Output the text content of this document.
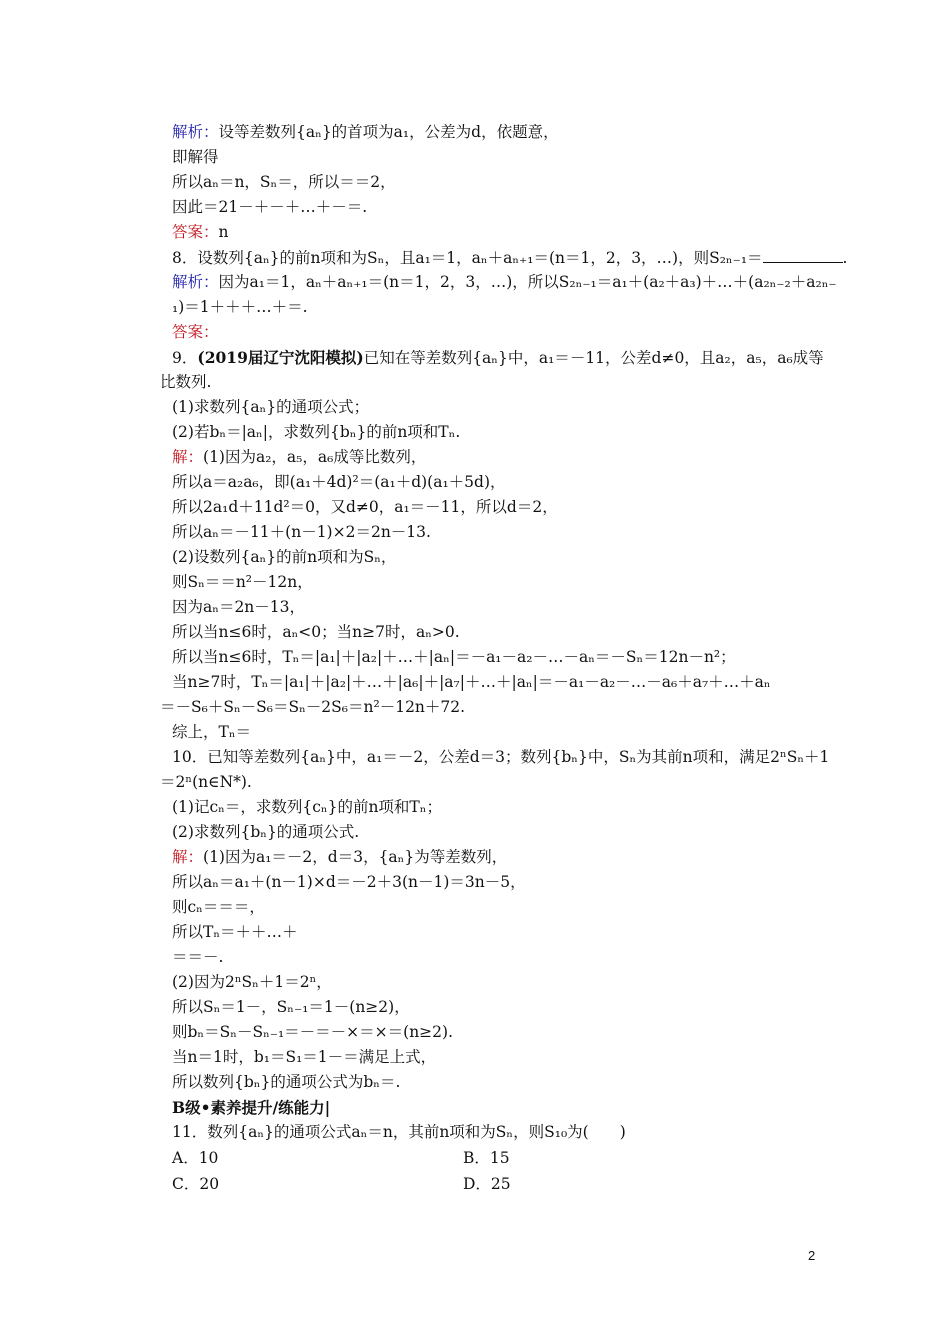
解析：设等差数列{aₙ}的首项为a₁，公差为d，依题意，
即解得
所以aₙ＝n，Sₙ＝，所以＝＝2，
因此＝21－＋－＋…＋－＝.
答案：n
8．设数列{aₙ}的前n项和为Sₙ，且a₁＝1，aₙ＋aₙ₊₁＝(n＝1，2，3，…)，则S₂ₙ₋₁＝	.
解析：因为a₁＝1，aₙ＋aₙ₊₁＝(n＝1，2，3，…)，所以S₂ₙ₋₁＝a₁＋(a₂＋a₃)＋…＋(a₂ₙ₋₂＋a₂ₙ₋
₁)＝1＋＋＋…＋＝.
答案：
9．(2019届辽宁沈阳模拟)已知在等差数列{aₙ}中，a₁＝－11，公差d≠0，且a₂，a₅，a₆成等
比数列.
(1)求数列{aₙ}的通项公式；
(2)若bₙ＝|aₙ|，求数列{bₙ}的前n项和Tₙ.
解：(1)因为a₂，a₅，a₆成等比数列，
所以a＝a₂a₆，即(a₁＋4d)²＝(a₁＋d)(a₁＋5d)，
所以2a₁d＋11d²＝0，又d≠0，a₁＝－11，所以d＝2，
所以aₙ＝－11＋(n－1)×2＝2n－13.
(2)设数列{aₙ}的前n项和为Sₙ，
则Sₙ＝＝n²－12n，
因为aₙ＝2n－13，
所以当n≤6时，aₙ<0；当n≥7时，aₙ>0.
所以当n≤6时，Tₙ＝|a₁|＋|a₂|＋…＋|aₙ|＝－a₁－a₂－…－aₙ＝－Sₙ＝12n－n²；
当n≥7时，Tₙ＝|a₁|＋|a₂|＋…＋|a₆|＋|a₇|＋…＋|aₙ|＝－a₁－a₂－…－a₆＋a₇＋…＋aₙ
＝－S₆＋Sₙ－S₆＝Sₙ－2S₆＝n²－12n＋72.
综上，Tₙ＝
10．已知等差数列{aₙ}中，a₁＝－2，公差d＝3；数列{bₙ}中，Sₙ为其前n项和，满足2ⁿSₙ＋1
＝2ⁿ(n∈N*).
(1)记cₙ＝，求数列{cₙ}的前n项和Tₙ；
(2)求数列{bₙ}的通项公式.
解：(1)因为a₁＝－2，d＝3，{aₙ}为等差数列，
所以aₙ＝a₁＋(n－1)×d＝－2＋3(n－1)＝3n－5，
则cₙ＝＝＝，
所以Tₙ＝＋＋…＋
＝＝－.
(2)因为2ⁿSₙ＋1＝2ⁿ，
所以Sₙ＝1－，Sₙ₋₁＝1－(n≥2)，
则bₙ＝Sₙ－Sₙ₋₁＝－＝－×＝×＝(n≥2).
当n＝1时，b₁＝S₁＝1－＝满足上式，
所以数列{bₙ}的通项公式为bₙ＝.
B级•素养提升/练能力|
11．数列{aₙ}的通项公式aₙ＝n，其前n项和为Sₙ，则S₁₀为(　　)
A．10	B．15
C．20	D．25
2
